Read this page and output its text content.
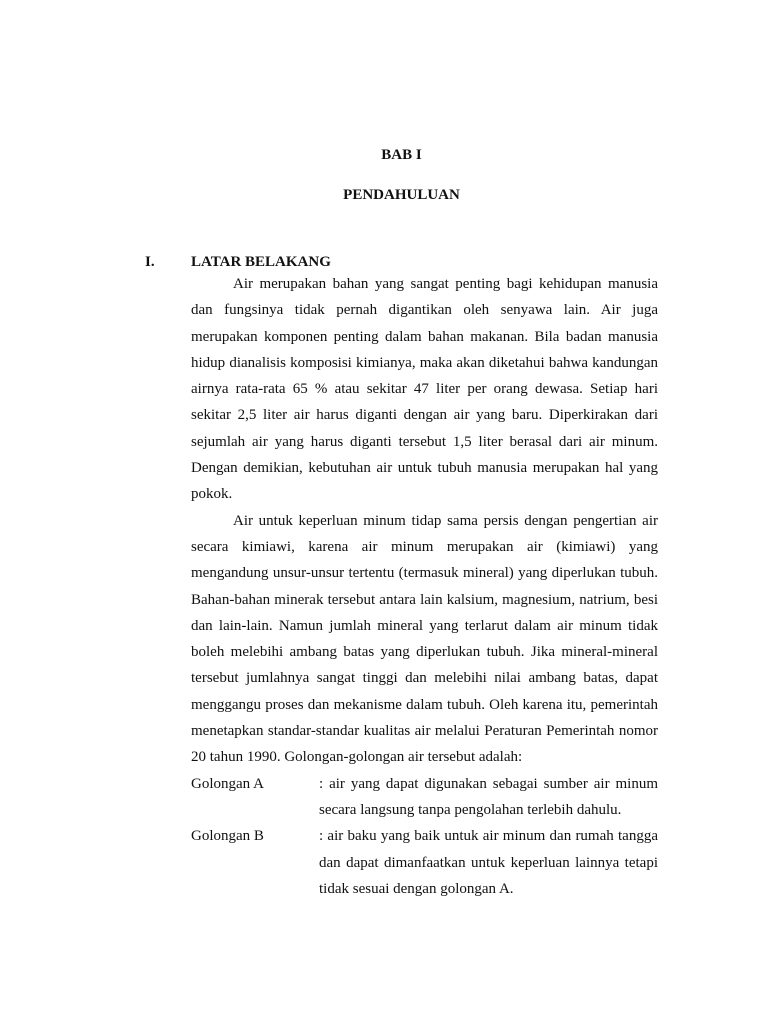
BAB I
PENDAHULUAN
I. LATAR BELAKANG

Air merupakan bahan yang sangat penting bagi kehidupan manusia dan fungsinya tidak pernah digantikan oleh senyawa lain. Air juga merupakan komponen penting dalam bahan makanan. Bila badan manusia hidup dianalisis komposisi kimianya, maka akan diketahui bahwa kandungan airnya rata-rata 65 % atau sekitar 47 liter per orang dewasa. Setiap hari sekitar 2,5 liter air harus diganti dengan air yang baru. Diperkirakan dari sejumlah air yang harus diganti tersebut 1,5 liter berasal dari air minum. Dengan demikian, kebutuhan air untuk tubuh manusia merupakan hal yang pokok.

Air untuk keperluan minum tidap sama persis dengan pengertian air secara kimiawi, karena air minum merupakan air (kimiawi) yang mengandung unsur-unsur tertentu (termasuk mineral) yang diperlukan tubuh. Bahan-bahan minerak tersebut antara lain kalsium, magnesium, natrium, besi dan lain-lain. Namun jumlah mineral yang terlarut dalam air minum tidak boleh melebihi ambang batas yang diperlukan tubuh. Jika mineral-mineral tersebut jumlahnya sangat tinggi dan melebihi nilai ambang batas, dapat menggangu proses dan mekanisme dalam tubuh. Oleh karena itu, pemerintah menetapkan standar-standar kualitas air melalui Peraturan Pemerintah nomor 20 tahun 1990. Golongan-golongan air tersebut adalah:

Golongan A	: air yang dapat digunakan sebagai sumber air minum secara langsung tanpa pengolahan terlebih dahulu.
Golongan B	: air baku yang baik untuk air minum dan rumah tangga dan dapat dimanfaatkan untuk keperluan lainnya tetapi tidak sesuai dengan golongan A.
